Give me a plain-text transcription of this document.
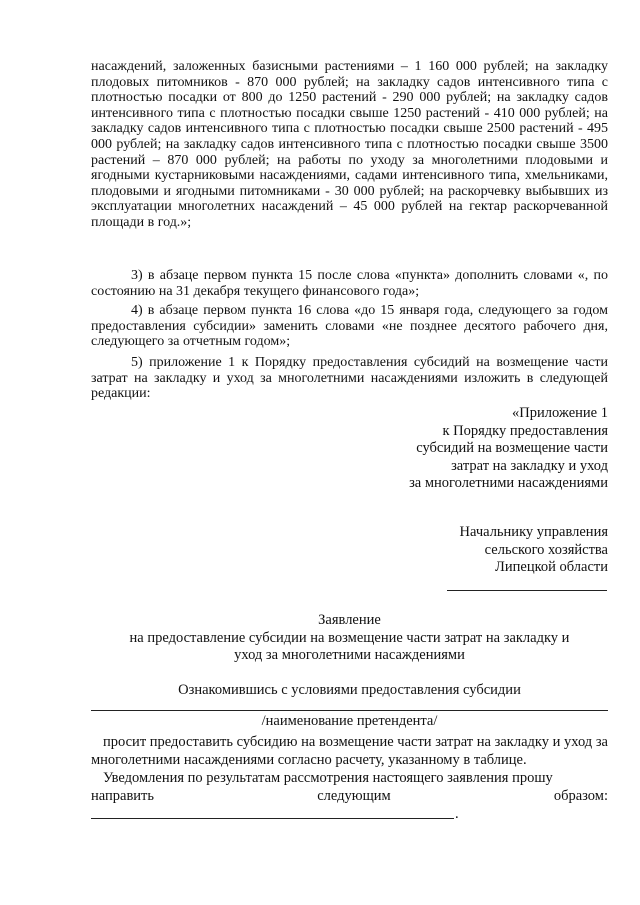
насаждений, заложенных базисными растениями – 1 160 000 рублей; на закладку плодовых питомников - 870 000 рублей; на закладку садов интенсивного типа с плотностью посадки от 800 до 1250 растений - 290 000 рублей; на закладку садов интенсивного типа с плотностью посадки свыше 1250 растений - 410 000 рублей; на закладку садов интенсивного типа с плотностью посадки свыше 2500 растений - 495 000 рублей; на закладку садов интенсивного типа с плотностью посадки свыше 3500 растений – 870 000 рублей; на работы по уходу за многолетними плодовыми и ягодными кустарниковыми насаждениями, садами интенсивного типа, хмельниками, плодовыми и ягодными питомниками - 30 000 рублей; на раскорчевку выбывших из эксплуатации многолетних насаждений – 45 000 рублей на гектар раскорчеванной площади в год.»;

3) в абзаце первом пункта 15 после слова «пункта» дополнить словами «, по состоянию на 31 декабря текущего финансового года»;

4) в абзаце первом пункта 16 слова «до 15 января года, следующего за годом предоставления субсидии» заменить словами «не позднее десятого рабочего дня, следующего за отчетным годом»;

5) приложение 1 к Порядку предоставления субсидий на возмещение части затрат на закладку и уход за многолетними насаждениями изложить в следующей редакции:

«Приложение 1
к Порядку предоставления
субсидий на возмещение части
затрат на закладку и уход
за многолетними насаждениями
Начальнику управления
сельского хозяйства
Липецкой области
Заявление
на предоставление субсидии на возмещение части затрат на закладку и
уход за многолетними насаждениями
Ознакомившись с условиями предоставления субсидии
/наименование претендента/

просит предоставить субсидию на возмещение части затрат на закладку и уход за многолетними насаждениями согласно расчету, указанному в таблице.

Уведомления по результатам рассмотрения настоящего заявления прошу

направить	следующим	образом:
.
